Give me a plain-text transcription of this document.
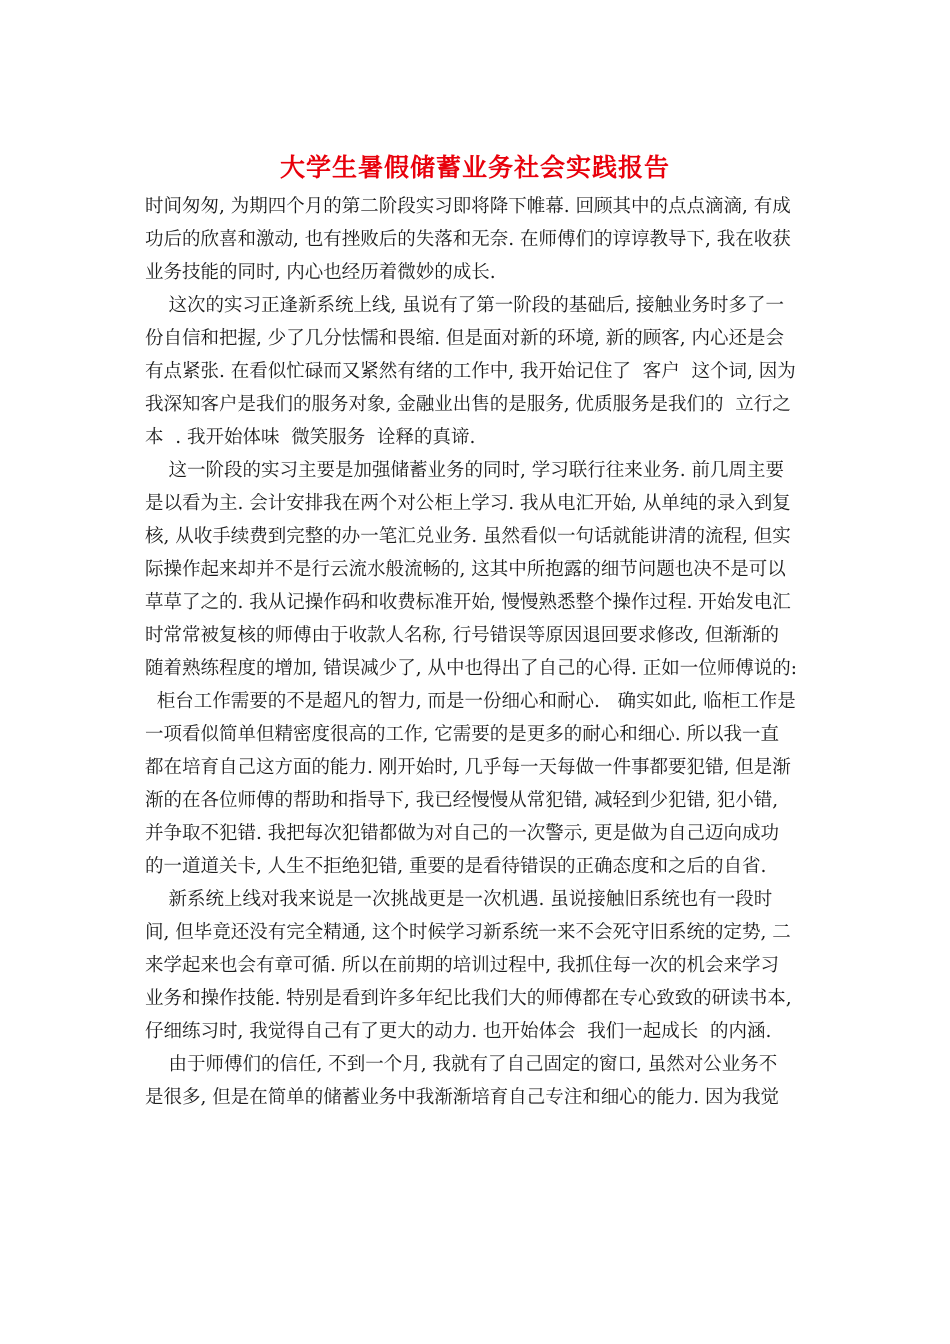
大学生暑假储蓄业务社会实践报告
时间匆匆, 为期四个月的第二阶段实习即将降下帷幕. 回顾其中的点点滴滴, 有成
功后的欣喜和激动, 也有挫败后的失落和无奈. 在师傅们的谆谆教导下, 我在收获
业务技能的同时, 内心也经历着微妙的成长.
这次的实习正逢新系统上线, 虽说有了第一阶段的基础后, 接触业务时多了一
份自信和把握, 少了几分怯懦和畏缩. 但是面对新的环境, 新的顾客, 内心还是会
有点紧张. 在看似忙碌而又紧然有绪的工作中, 我开始记住了  客户  这个词, 因为
我深知客户是我们的服务对象, 金融业出售的是服务, 优质服务是我们的  立行之
本  . 我开始体味  微笑服务  诠释的真谛.
这一阶段的实习主要是加强储蓄业务的同时, 学习联行往来业务. 前几周主要
是以看为主. 会计安排我在两个对公柜上学习. 我从电汇开始, 从单纯的录入到复
核, 从收手续费到完整的办一笔汇兑业务. 虽然看似一句话就能讲清的流程, 但实
际操作起来却并不是行云流水般流畅的, 这其中所抱露的细节问题也决不是可以
草草了之的. 我从记操作码和收费标准开始, 慢慢熟悉整个操作过程. 开始发电汇
时常常被复核的师傅由于收款人名称, 行号错误等原因退回要求修改, 但渐渐的
随着熟练程度的增加, 错误减少了, 从中也得出了自己的心得. 正如一位师傅说的:
柜台工作需要的不是超凡的智力, 而是一份细心和耐心.   确实如此, 临柜工作是
一项看似简单但精密度很高的工作, 它需要的是更多的耐心和细心. 所以我一直
都在培育自己这方面的能力. 刚开始时, 几乎每一天每做一件事都要犯错, 但是渐
渐的在各位师傅的帮助和指导下, 我已经慢慢从常犯错, 减轻到少犯错, 犯小错,
并争取不犯错. 我把每次犯错都做为对自己的一次警示, 更是做为自己迈向成功
的一道道关卡, 人生不拒绝犯错, 重要的是看待错误的正确态度和之后的自省.
新系统上线对我来说是一次挑战更是一次机遇. 虽说接触旧系统也有一段时
间, 但毕竟还没有完全精通, 这个时候学习新系统一来不会死守旧系统的定势, 二
来学起来也会有章可循. 所以在前期的培训过程中, 我抓住每一次的机会来学习
业务和操作技能. 特别是看到许多年纪比我们大的师傅都在专心致致的研读书本,
仔细练习时, 我觉得自己有了更大的动力. 也开始体会  我们一起成长  的内涵.
由于师傅们的信任, 不到一个月, 我就有了自己固定的窗口, 虽然对公业务不
是很多, 但是在简单的储蓄业务中我渐渐培育自己专注和细心的能力. 因为我觉
